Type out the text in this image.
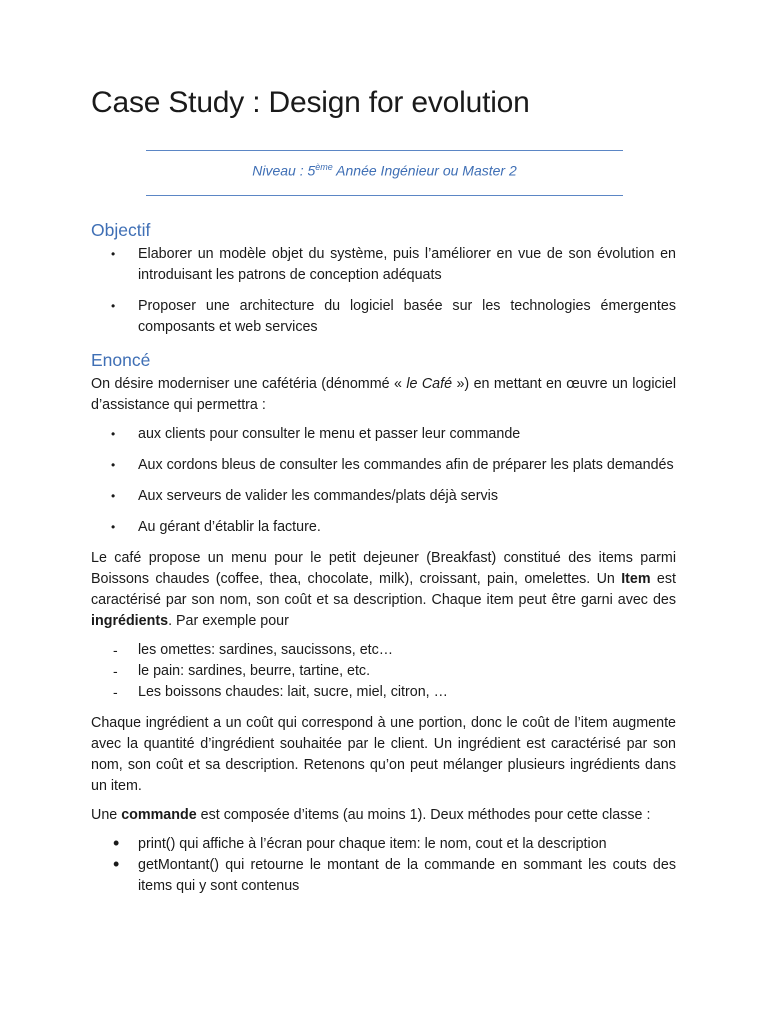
Case Study : Design for evolution
Niveau : 5ème Année Ingénieur ou Master 2
Objectif
• Elaborer un modèle objet du système, puis l’améliorer en vue de son évolution en introduisant les patrons de conception adéquats
• Proposer une architecture du logiciel basée sur les technologies émergentes composants et web services
Enoncé

On désire moderniser une cafétéria (dénommé « le Café ») en mettant en œuvre un logiciel d’assistance qui permettra :

• aux clients pour consulter le menu et passer leur commande
• Aux cordons bleus de consulter les commandes afin de préparer les plats demandés
• Aux serveurs de valider les commandes/plats déjà servis
• Au gérant d’établir la facture.

Le café propose un menu pour le petit dejeuner (Breakfast) constitué des items parmi Boissons chaudes (coffee, thea, chocolate, milk), croissant, pain, omelettes. Un Item est caractérisé par son nom, son coût et sa description. Chaque item peut être garni avec des ingrédients. Par exemple pour

- les omettes: sardines, saucissons, etc…
- le pain: sardines, beurre, tartine, etc.
- Les boissons chaudes: lait, sucre, miel, citron, …

Chaque ingrédient a un coût qui correspond à une portion, donc le coût de l’item augmente avec la quantité d’ingrédient souhaitée par le client. Un ingrédient est caractérisé par son nom, son coût et sa description. Retenons qu’on peut mélanger plusieurs ingrédients dans un item.

Une commande est composée d’items (au moins 1). Deux méthodes pour cette classe :

• print() qui affiche à l’écran pour chaque item: le nom, cout et la description
• getMontant() qui retourne le montant de la commande en sommant les couts des items qui y sont contenus
